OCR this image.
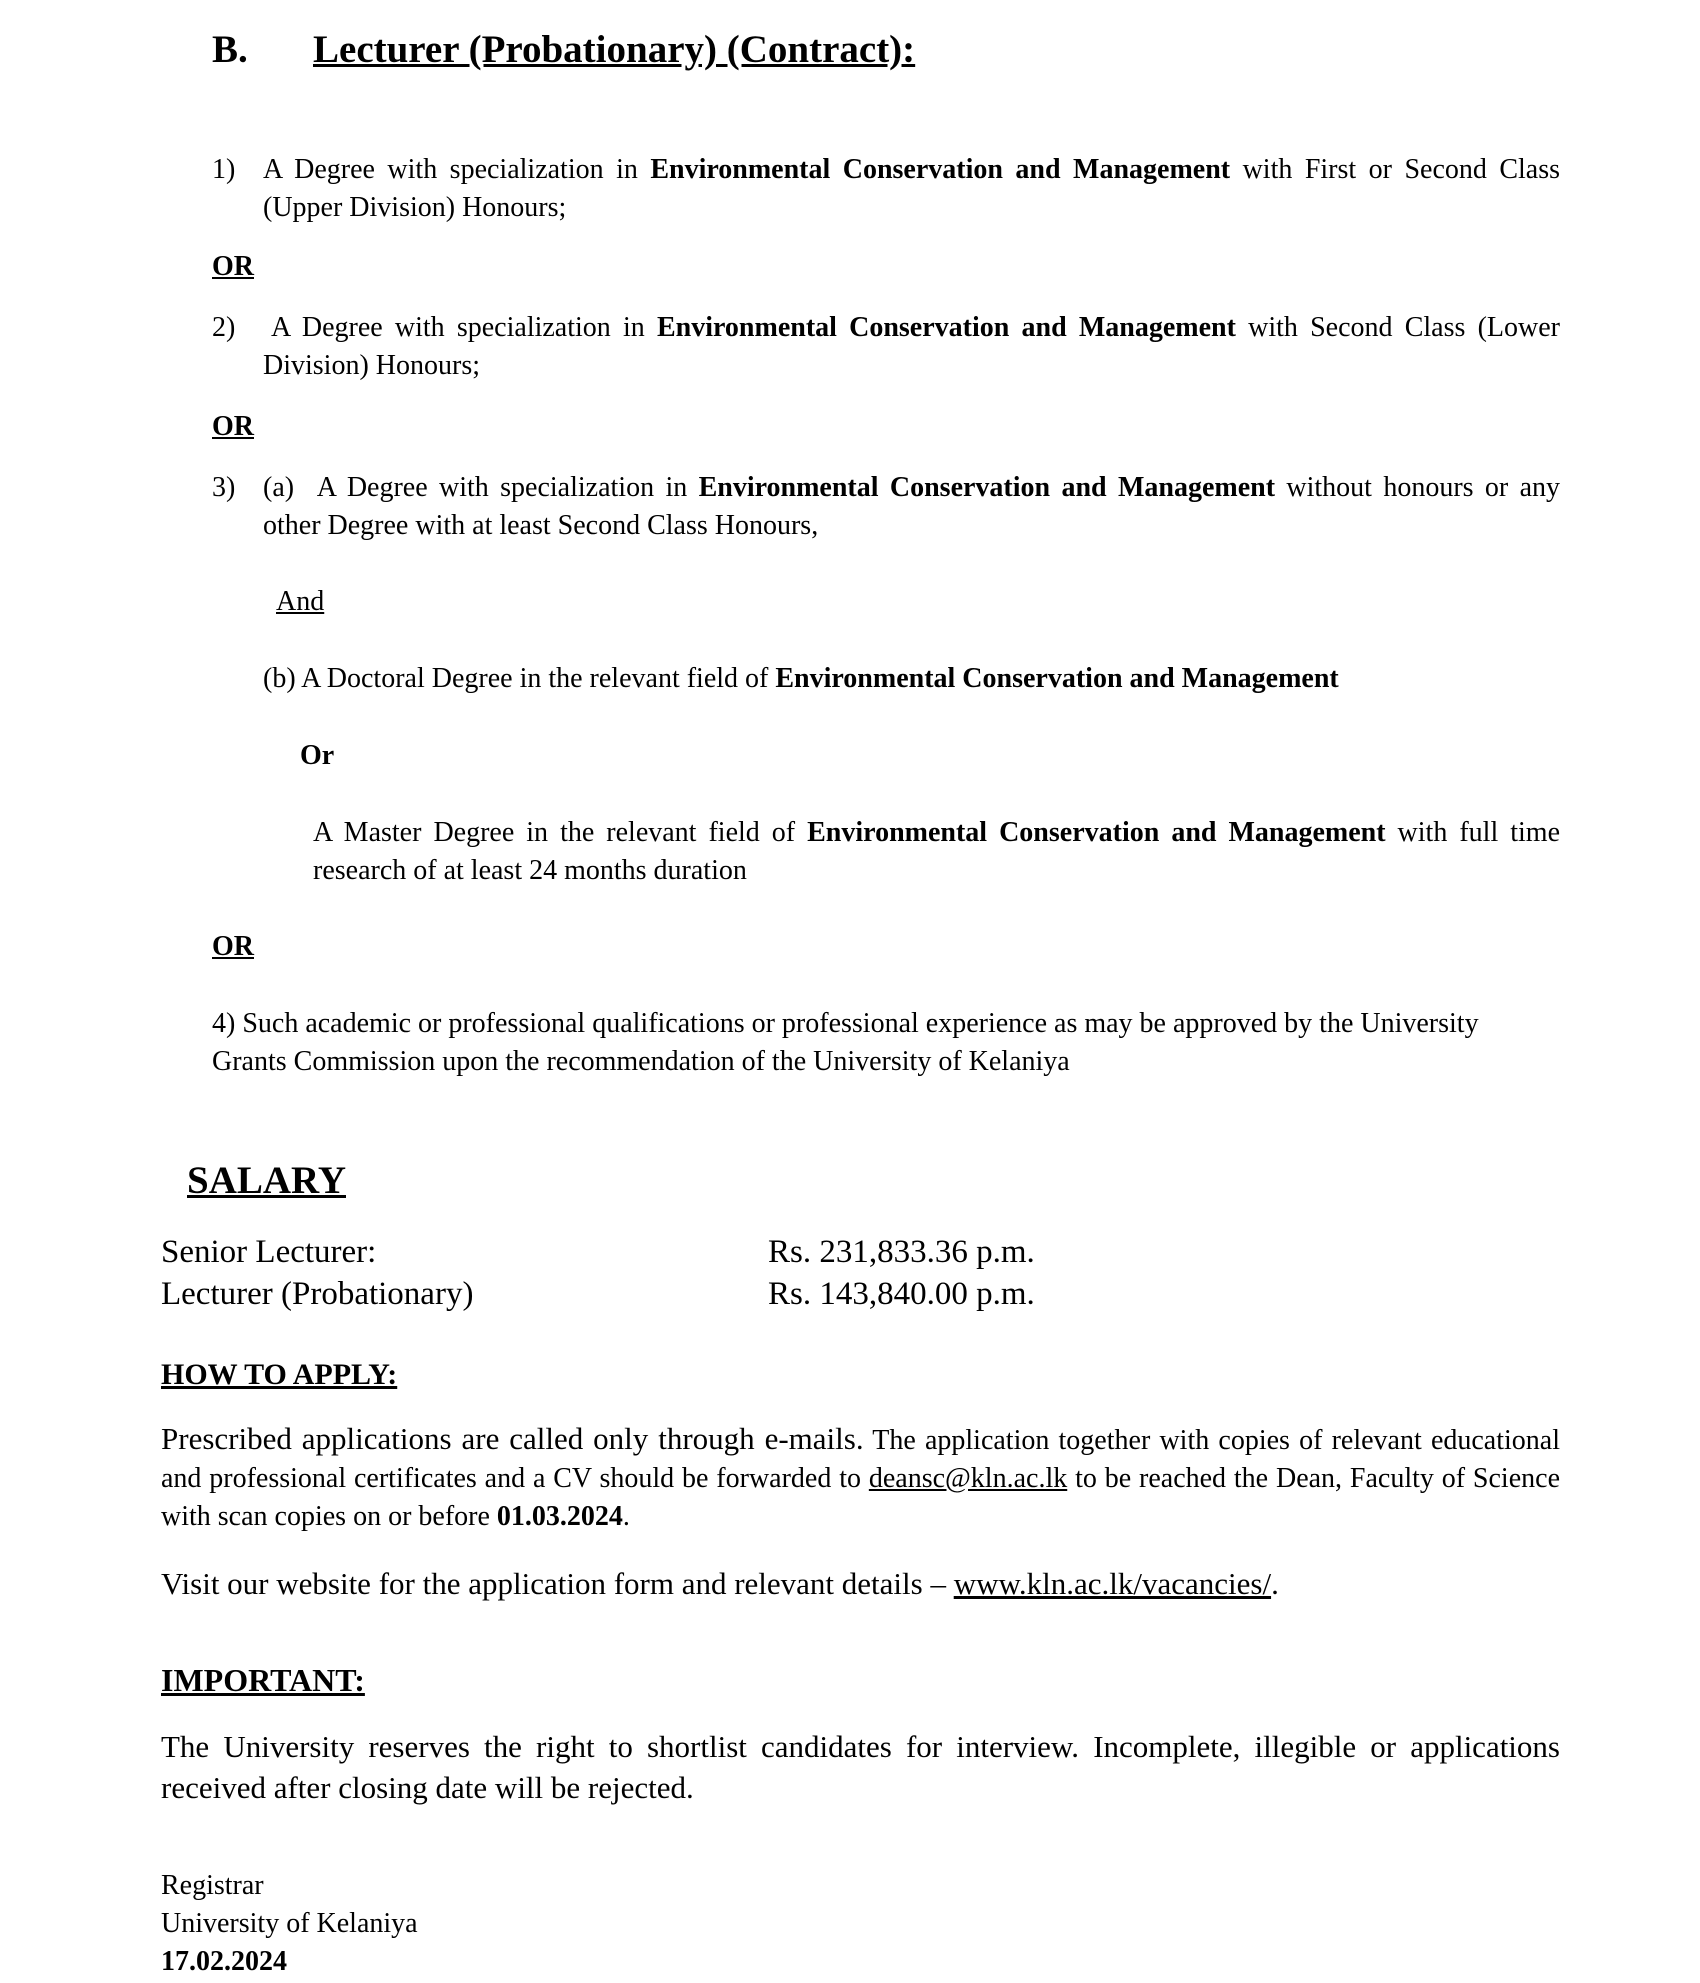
B. Lecturer (Probationary) (Contract):
1) A Degree with specialization in Environmental Conservation and Management with First or Second Class (Upper Division) Honours;
OR
2)	A Degree with specialization in Environmental Conservation and Management with Second Class (Lower Division) Honours;
OR
3) (a) A Degree with specialization in Environmental Conservation and Management without honours or any other Degree with at least Second Class Honours,
And
(b) A Doctoral Degree in the relevant field of Environmental Conservation and Management
Or
A Master Degree in the relevant field of Environmental Conservation and Management with full time research of at least 24 months duration
OR
4) Such academic or professional qualifications or professional experience as may be approved by the University Grants Commission upon the recommendation of the University of Kelaniya
SALARY
Senior Lecturer:	Rs. 231,833.36 p.m.
Lecturer (Probationary)	Rs. 143,840.00 p.m.
HOW TO APPLY:
Prescribed applications are called only through e-mails. The application together with copies of relevant educational and professional certificates and a CV should be forwarded to deansc@kln.ac.lk to be reached the Dean, Faculty of Science with scan copies on or before 01.03.2024.
Visit our website for the application form and relevant details – www.kln.ac.lk/vacancies/.
IMPORTANT:
The University reserves the right to shortlist candidates for interview. Incomplete, illegible or applications received after closing date will be rejected.
Registrar
University of Kelaniya
17.02.2024
